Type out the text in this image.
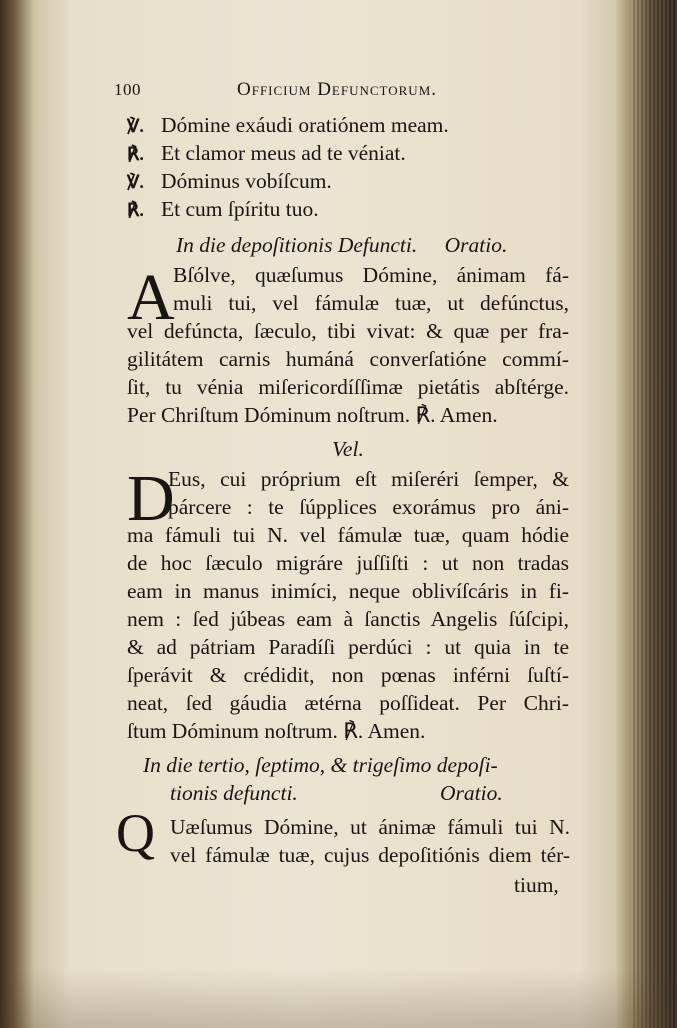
100	Officium Defunctorum.
℣. Dómine exáudi oratiónem meam.
℟. Et clamor meus ad te véniat.
℣. Dóminus vobíſcum.
℟. Et cum ſpíritu tuo.
In die depoſitionis Defuncti. Oratio.
A
Bſólve, quæſumus Dómine, ánimam fá-
muli tui, vel fámulæ tuæ, ut defúnctus,
vel defúncta, ſæculo, tibi vivat: & quæ per fra-
gilitátem carnis humáná converſatióne commí-
ſit, tu vénia miſericordíſſimæ pietátis abſtérge.
Per Chriſtum Dóminum noſtrum. ℟. Amen.
Vel.
D
Eus, cui próprium eſt miſeréri ſemper, &
párcere : te ſúpplices exorámus pro áni-
ma fámuli tui N. vel fámulæ tuæ, quam hódie
de hoc ſæculo migráre juſſiſti : ut non tradas
eam in manus inimíci, neque oblivíſcáris in fi-
nem : ſed júbeas eam à ſanctis Angelis ſúſcipi,
& ad pátriam Paradíſi perdúci : ut quia in te
ſperávit & crédidit, non pœnas inférni ſuſtí-
neat, ſed gáudia ætérna poſſideat. Per Chri-
ſtum Dóminum noſtrum. ℟. Amen.
In die tertio, ſeptimo, & trigeſimo depoſi-
tionis defuncti.	Oratio.
Q Uæſumus Dómine, ut ánimæ fámuli tui N.
vel fámulæ tuæ, cujus depoſitiónis diem tér-
tium,
